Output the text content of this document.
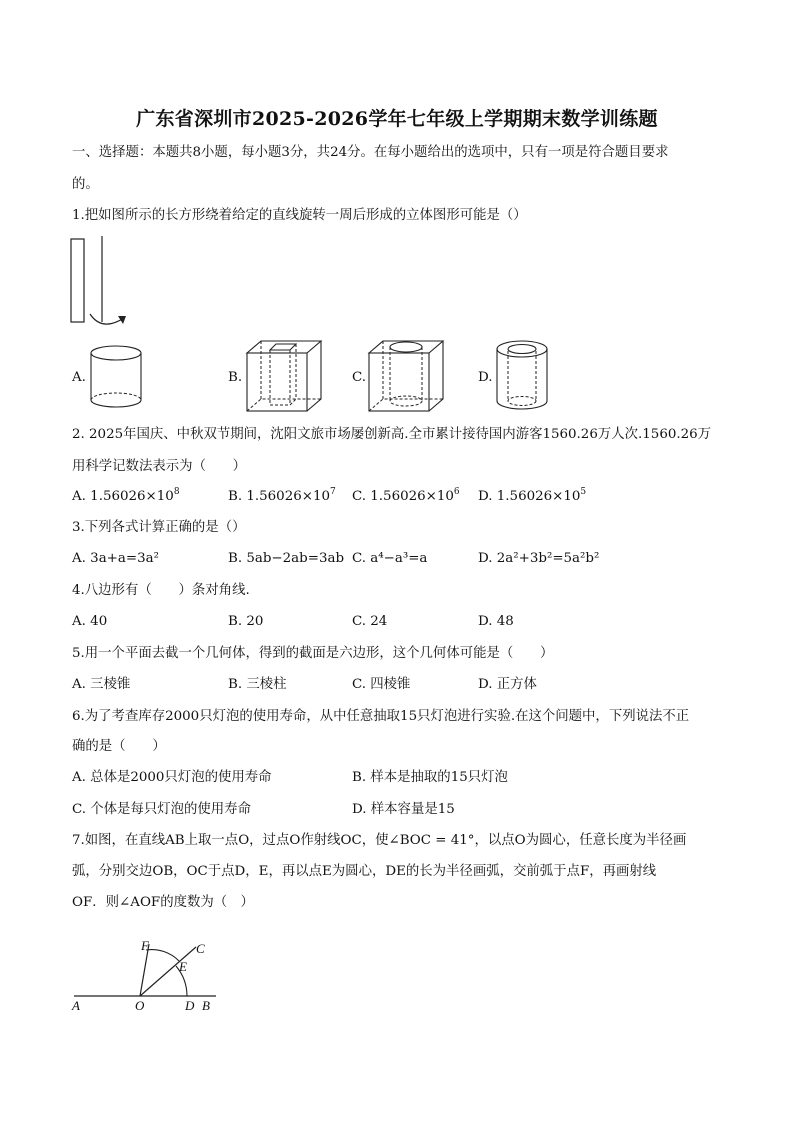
广东省深圳市2025-2026学年七年级上学期期末数学训练题
一、选择题：本题共8小题，每小题3分，共24分。在每小题给出的选项中，只有一项是符合题目要求
的。
1.把如图所示的长方形绕着给定的直线旋转一周后形成的立体图形可能是（）
A.	B.	C.	D.
2. 2025年国庆、中秋双节期间，沈阳文旅市场屡创新高.全市累计接待国内游客1560.26万人次.1560.26万
用科学记数法表示为（　　）
A. $1.56026\times 10^8$	B. $1.56026\times 10^7$ C. $1.56026\times 10^6$ D. $1.56026\times 10^5$
3.下列各式计算正确的是（）
A. 3a+a=3a²	B. 5ab−2ab=3ab C. a⁴−a³=a	D. 2a²+3b²=5a²b²
4.八边形有（　　）条对角线.
A. 40	B. 20	C. 24	D. 48
5.用一个平面去截一个几何体，得到的截面是六边形，这个几何体可能是（　　）
A. 三棱锥	B. 三棱柱	C. 四棱锥	D. 正方体
6.为了考查库存2000只灯泡的使用寿命，从中任意抽取15只灯泡进行实验.在这个问题中，下列说法不正
确的是（　　）
A. 总体是2000只灯泡的使用寿命	B. 样本是抽取的15只灯泡
C. 个体是每只灯泡的使用寿命	D. 样本容量是15
7.如图，在直线AB上取一点O，过点O作射线OC，使∠BOC = 41°，以点O为圆心，任意长度为半径画
弧，分别交边OB，OC于点D，E，再以点E为圆心，DE的长为半径画弧，交前弧于点F，再画射线
OF．则∠AOF的度数为（　）
F	C
E
A	O	D B
